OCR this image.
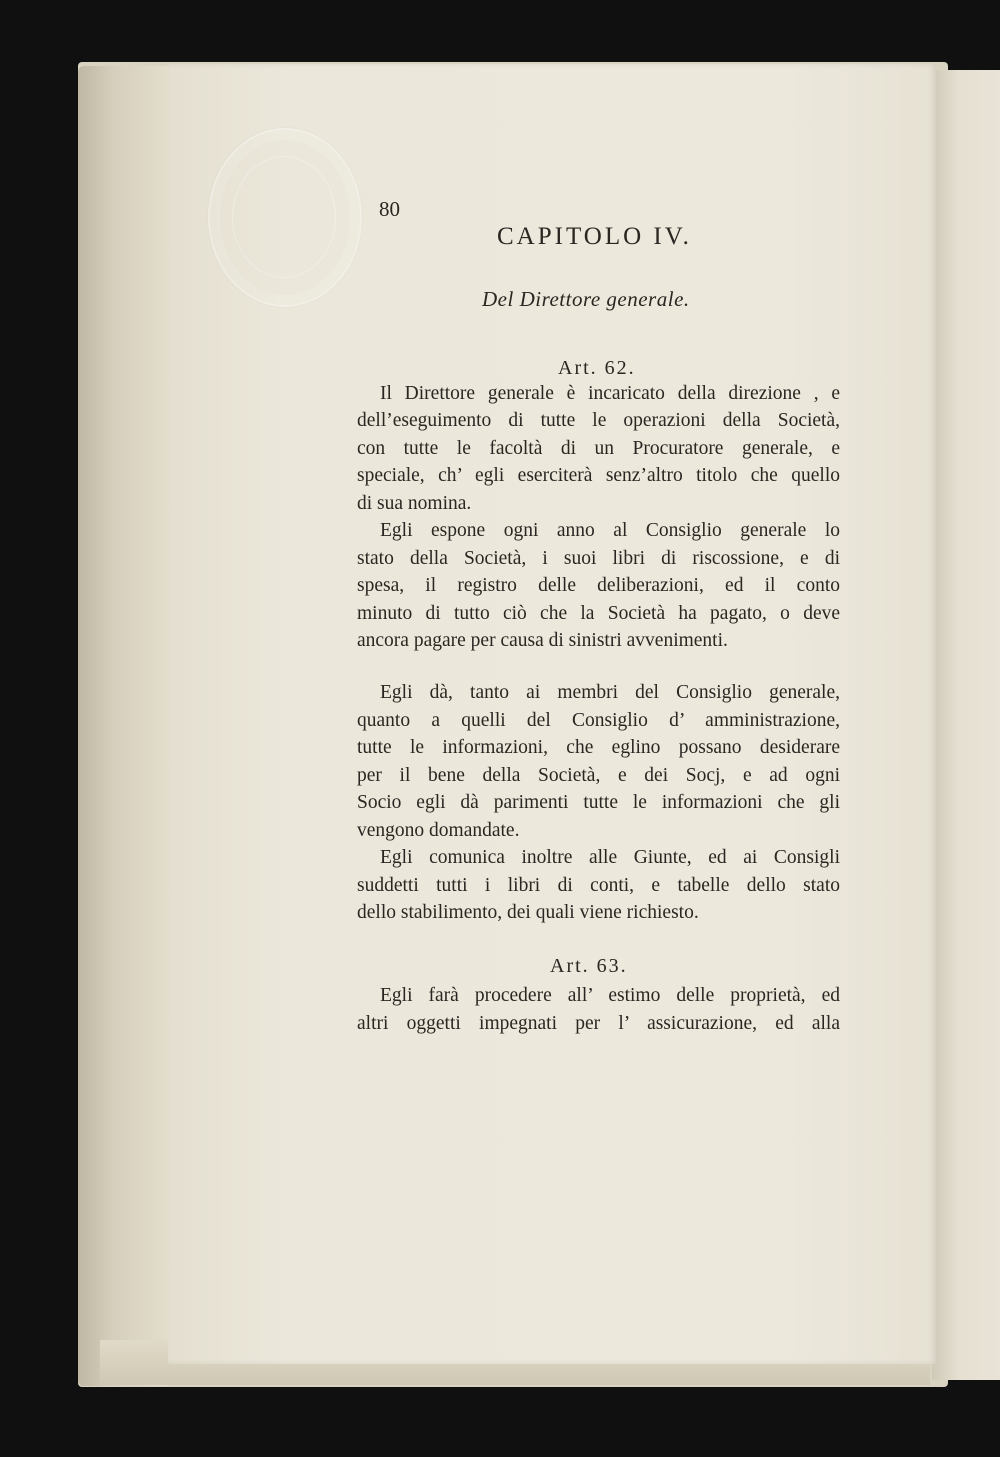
80
CAPITOLO IV.
Del Direttore generale.
Art. 62.
Il Direttore generale è incaricato della direzione , e
dell’eseguimento di tutte le operazioni della Società,
con tutte le facoltà di un Procuratore generale, e
speciale, ch’ egli eserciterà senz’altro titolo che quello
di sua nomina.
Egli espone ogni anno al Consiglio generale lo
stato della Società, i suoi libri di riscossione, e di
spesa, il registro delle deliberazioni, ed il conto
minuto di tutto ciò che la Società ha pagato, o deve
ancora pagare per causa di sinistri avvenimenti.
Egli dà, tanto ai membri del Consiglio generale,
quanto a quelli del Consiglio d’ amministrazione,
tutte le informazioni, che eglino possano desiderare
per il bene della Società, e dei Socj, e ad ogni
Socio egli dà parimenti tutte le informazioni che gli
vengono domandate.
Egli comunica inoltre alle Giunte, ed ai Consigli
suddetti tutti i libri di conti, e tabelle dello stato
dello stabilimento, dei quali viene richiesto.
Art. 63.
Egli farà procedere all’ estimo delle proprietà, ed
altri oggetti impegnati per l’ assicurazione, ed alla
